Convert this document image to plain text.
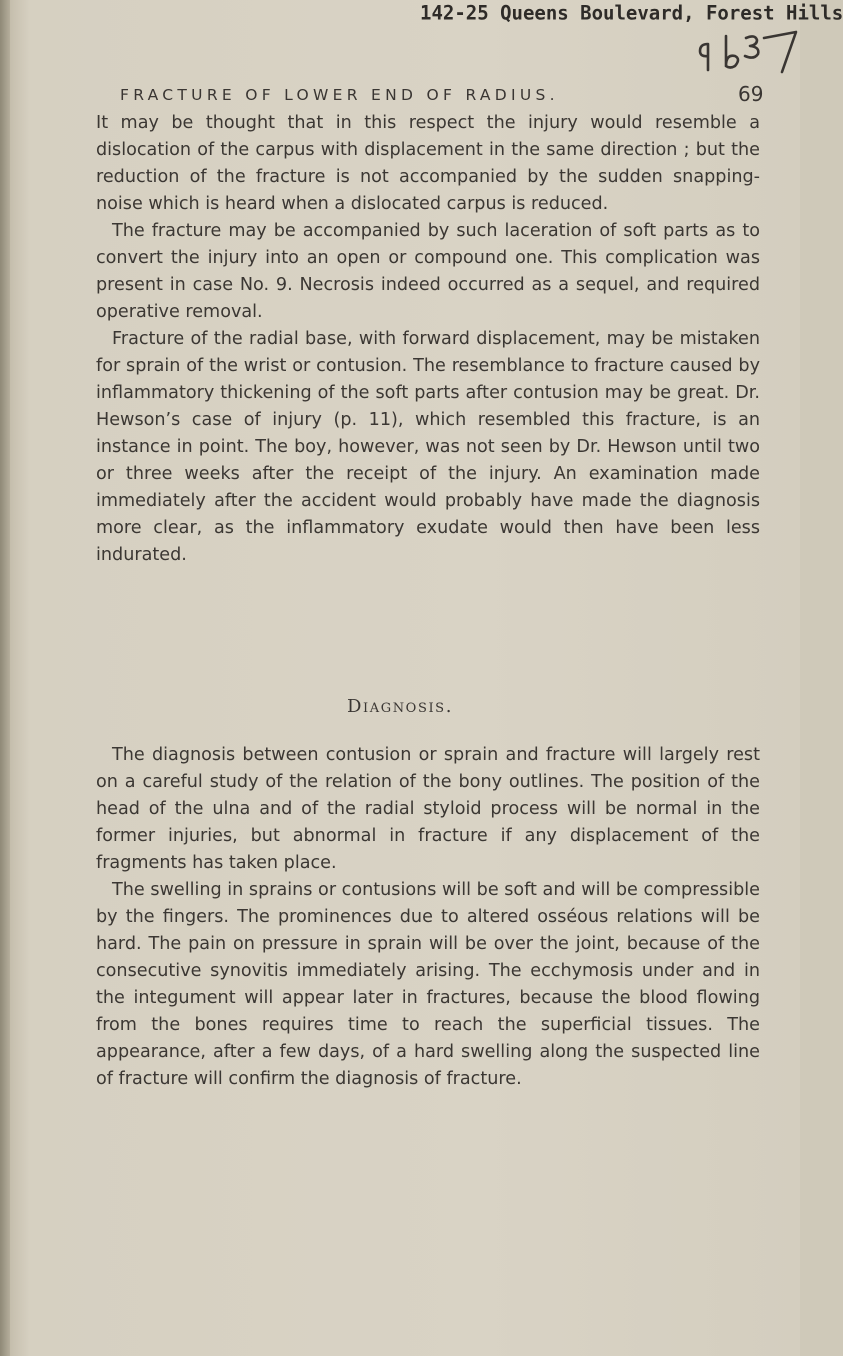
142-25 Queens Boulevard, Forest Hills
FRACTURE OF LOWER END OF RADIUS.	69

It may be thought that in this respect the injury would resemble a dislocation of the carpus with displacement in the same direction ; but the reduction of the fracture is not accompanied by the sudden snapping-noise which is heard when a dislocated carpus is reduced.

The fracture may be accompanied by such laceration of soft parts as to convert the injury into an open or compound one. This complication was present in case No. 9. Necrosis indeed occurred as a sequel, and required operative removal.

Fracture of the radial base, with forward displacement, may be mistaken for sprain of the wrist or contusion. The resemblance to fracture caused by inflammatory thickening of the soft parts after contusion may be great. Dr. Hewson’s case of injury (p. 11), which resembled this fracture, is an instance in point. The boy, however, was not seen by Dr. Hewson until two or three weeks after the receipt of the injury. An examination made immediately after the accident would probably have made the diagnosis more clear, as the inflammatory exudate would then have been less indurated.

Diagnosis.

The diagnosis between contusion or sprain and fracture will largely rest on a careful study of the relation of the bony outlines. The position of the head of the ulna and of the radial styloid process will be normal in the former injuries, but abnormal in fracture if any displacement of the fragments has taken place.

The swelling in sprains or contusions will be soft and will be compressible by the fingers. The prominences due to altered osséous relations will be hard. The pain on pressure in sprain will be over the joint, because of the consecutive synovitis immediately arising. The ecchymosis under and in the integument will appear later in fractures, because the blood flowing from the bones requires time to reach the superficial tissues. The appearance, after a few days, of a hard swelling along the suspected line of fracture will confirm the diagnosis of fracture.
